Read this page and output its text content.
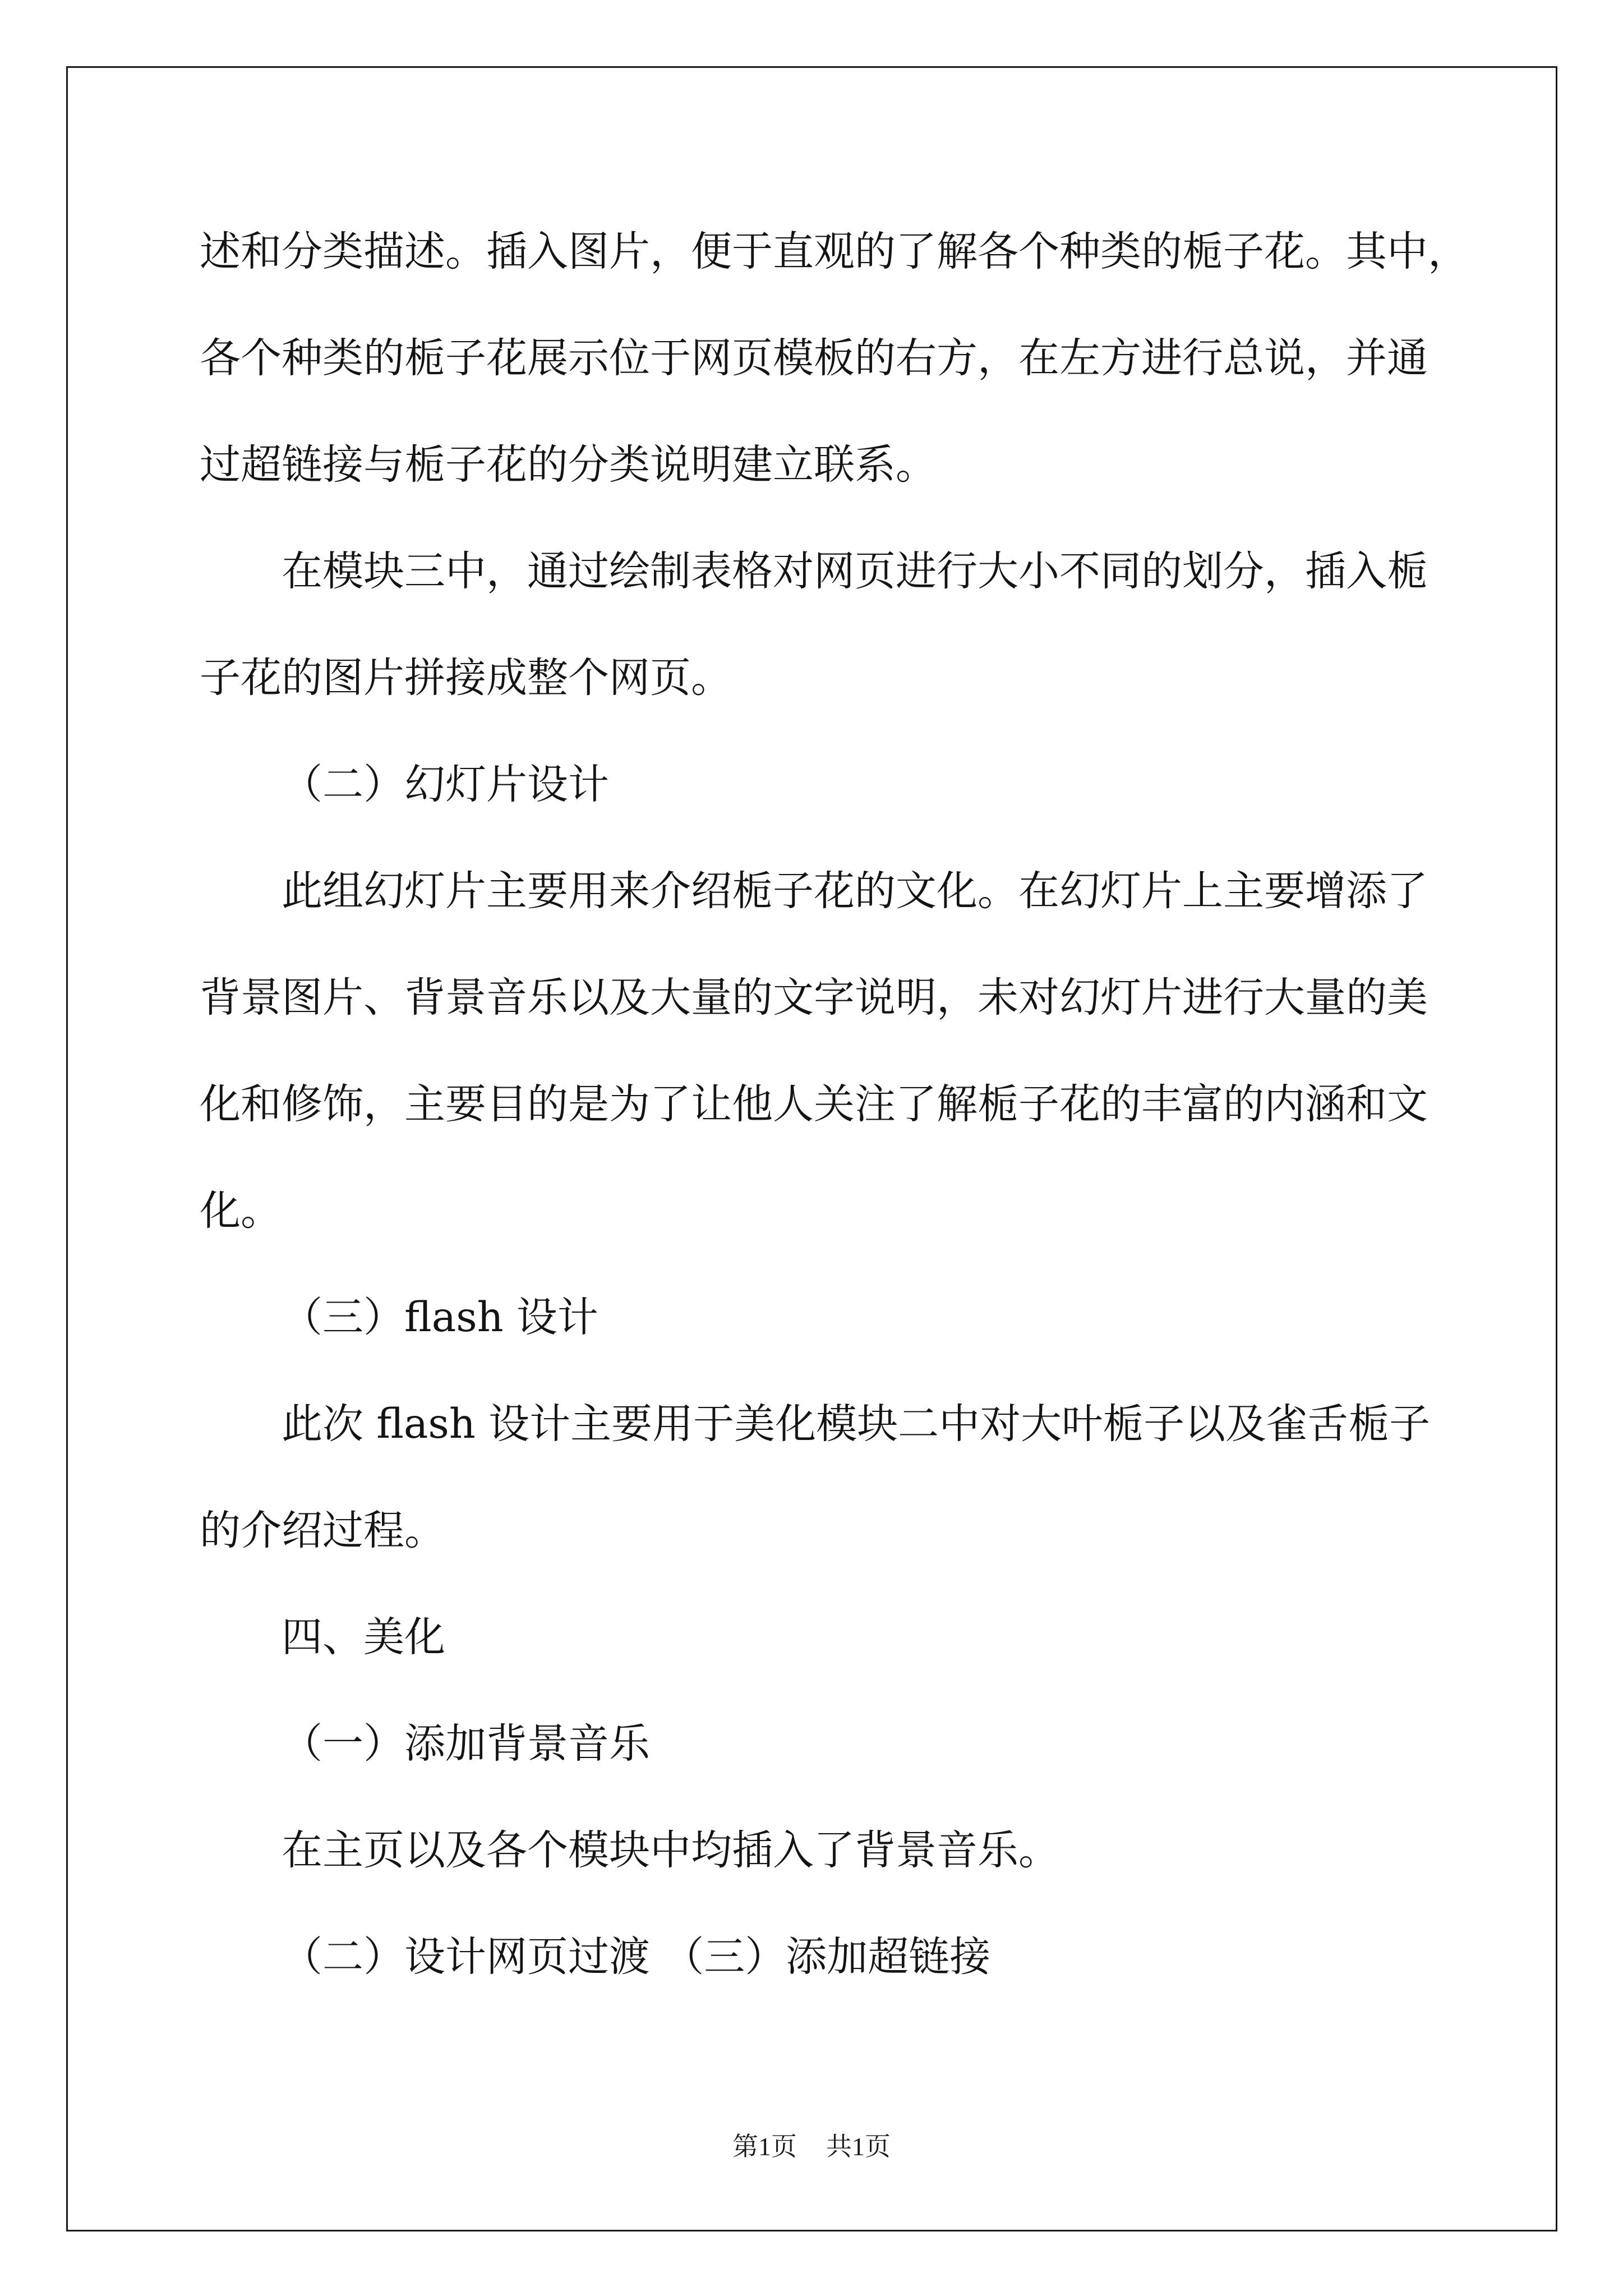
述和分类描述。插入图片，便于直观的了解各个种类的栀子花。其中，
各个种类的栀子花展示位于网页模板的右方，在左方进行总说，并通
过超链接与栀子花的分类说明建立联系。
在模块三中，通过绘制表格对网页进行大小不同的划分，插入栀
子花的图片拼接成整个网页。
（二）幻灯片设计
此组幻灯片主要用来介绍栀子花的文化。在幻灯片上主要增添了
背景图片、背景音乐以及大量的文字说明，未对幻灯片进行大量的美
化和修饰，主要目的是为了让他人关注了解栀子花的丰富的内涵和文
化。
（三）flash 设计
此次 flash 设计主要用于美化模块二中对大叶栀子以及雀舌栀子
的介绍过程。
四、美化
（一）添加背景音乐
在主页以及各个模块中均插入了背景音乐。
（二）设计网页过渡 （三）添加超链接
第1页 共1页
